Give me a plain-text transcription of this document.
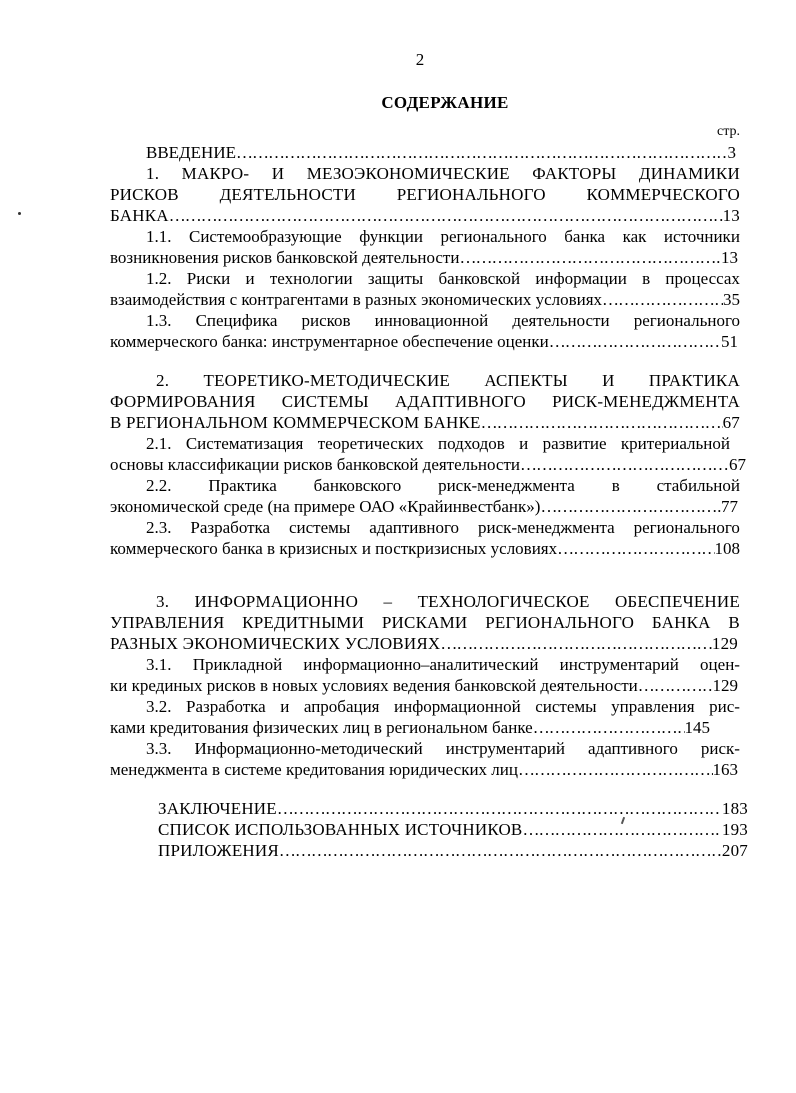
2
СОДЕРЖАНИЕ
стр.
ВВЕДЕНИЕ …………………………………………………………………………………………………………………………………………………	3
1. МАКРО- И МЕЗОЭКОНОМИЧЕСКИЕ ФАКТОРЫ ДИНАМИКИ
РИСКОВ ДЕЯТЕЛЬНОСТИ РЕГИОНАЛЬНОГО КОММЕРЧЕСКОГО
БАНКА …………………………………………………………………………………………………………………………………………………	13
1.1. Системообразующие функции регионального банка как источники
возникновения рисков банковской деятельности …………………………………………………………………………………………………………………………………………………	13
1.2. Риски и технологии защиты банковской информации в процессах
взаимодействия с контрагентами в разных экономических условиях …………………………………………………………………………………………………………………………………………………	35
1.3. Специфика рисков инновационной деятельности регионального
коммерческого банка: инструментарное обеспечение оценки …………………………………………………………………………………………………………………………………………………	51
2. ТЕОРЕТИКО-МЕТОДИЧЕСКИЕ АСПЕКТЫ И ПРАКТИКА
ФОРМИРОВАНИЯ СИСТЕМЫ АДАПТИВНОГО РИСК-МЕНЕДЖМЕНТА
В РЕГИОНАЛЬНОМ КОММЕРЧЕСКОМ БАНКЕ …………………………………………………………………………………………………………………………………………………	67
2.1. Систематизация теоретических подходов и развитие критериальной
основы классификации рисков банковской деятельности …………………………………………………………………………………………………………………………………………………	67
2.2. Практика банковского риск-менеджмента в стабильной
экономической среде (на примере ОАО «Крайинвестбанк») …………………………………………………………………………………………………………………………………………………	77
2.3. Разработка системы адаптивного риск-менеджмента регионального
коммерческого банка в кризисных и посткризисных условиях …………………………………………………………………………………………………………………………………………………	108
3. ИНФОРМАЦИОННО – ТЕХНОЛОГИЧЕСКОЕ ОБЕСПЕЧЕНИЕ
УПРАВЛЕНИЯ КРЕДИТНЫМИ РИСКАМИ РЕГИОНАЛЬНОГО БАНКА В
РАЗНЫХ ЭКОНОМИЧЕСКИХ УСЛОВИЯХ …………………………………………………………………………………………………………………………………………………	129
3.1. Прикладной информационно–аналитический инструментарий оцен-
ки крединых рисков в новых условиях ведения банковской деятельности …………………………………………………………………………………………………………………………………………………	129
3.2. Разработка и апробация информационной системы управления рис-
ками кредитования физических лиц в региональном банке …………………………………………………………………………………………………………………………………………………	145
3.3. Информационно-методический инструментарий адаптивного риск-
менеджмента в системе кредитования юридических лиц …………………………………………………………………………………………………………………………………………………	163
ЗАКЛЮЧЕНИЕ …………………………………………………………………………………………………………………………………………………	183
СПИСОК ИСПОЛЬЗОВАННЫХ ИСТОЧНИКОВ …………………………………………………………………………………………………………………………………………………	193
ПРИЛОЖЕНИЯ …………………………………………………………………………………………………………………………………………………	207
